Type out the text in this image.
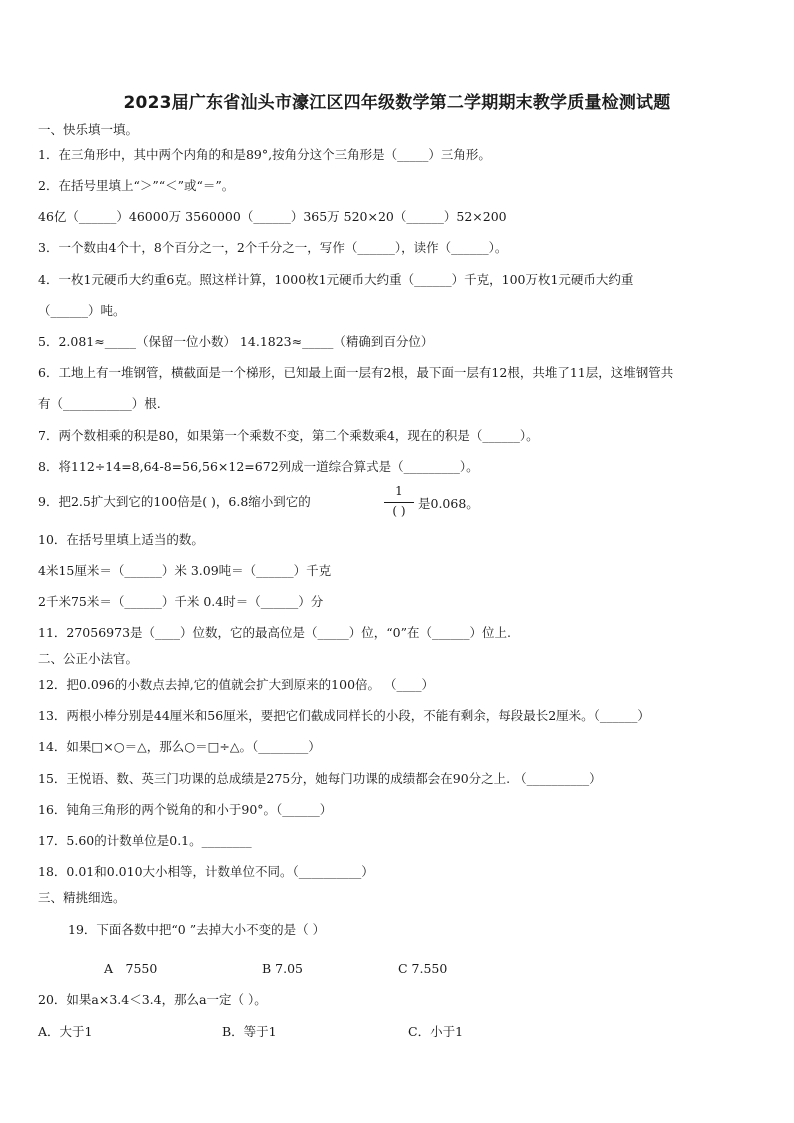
2023届广东省汕头市濠江区四年级数学第二学期期末教学质量检测试题
一、快乐填一填。
1．在三角形中，其中两个内角的和是89°,按角分这个三角形是（_____）三角形。
2．在括号里填上“＞”“＜”或“＝”。
46亿（______）46000万 3560000（______）365万 520×20（______）52×200
3．一个数由4个十，8个百分之一，2个千分之一，写作（______），读作（______）。
4．一枚1元硬币大约重6克。照这样计算，1000枚1元硬币大约重（______）千克，100万枚1元硬币大约重
（______）吨。
5．2.081≈_____（保留一位小数） 14.1823≈_____（精确到百分位）
6．工地上有一堆钢管，横截面是一个梯形，已知最上面一层有2根，最下面一层有12根，共堆了11层，这堆钢管共
有（___________）根.
7．两个数相乘的积是80，如果第一个乘数不变，第二个乘数乘4，现在的积是（______）。
8．将112÷14=8,64-8=56,56×12=672列成一道综合算式是（_________）。
9．把2.5扩大到它的100倍是( )，6.8缩小到它的
1
( ) 是0.068。
10．在括号里填上适当的数。
4米15厘米＝（______）米 3.09吨＝（______）千克
2千米75米＝（______）千米 0.4时＝（______）分
11．27056973是（____）位数，它的最高位是（_____）位，“0”在（______）位上.
二、公正小法官。
12．把0.096的小数点去掉,它的值就会扩大到原来的100倍。 （____）
13．两根小棒分别是44厘米和56厘米，要把它们截成同样长的小段，不能有剩余，每段最长2厘米。（______）
14．如果□×○＝△，那么○＝□÷△。（________）
15．王悦语、数、英三门功课的总成绩是275分，她每门功课的成绩都会在90分之上. （__________）
16．钝角三角形的两个锐角的和小于90°。（______）
17．5.60的计数单位是0.1。________
18．0.01和0.010大小相等，计数单位不同。（__________）
三、精挑细选。
19．下面各数中把“0 ”去掉大小不变的是（ ）
A　7550	B 7.05	C 7.550
20．如果a×3.4＜3.4，那么a一定（ ）。
A．大于1	B．等于1	C．小于1
